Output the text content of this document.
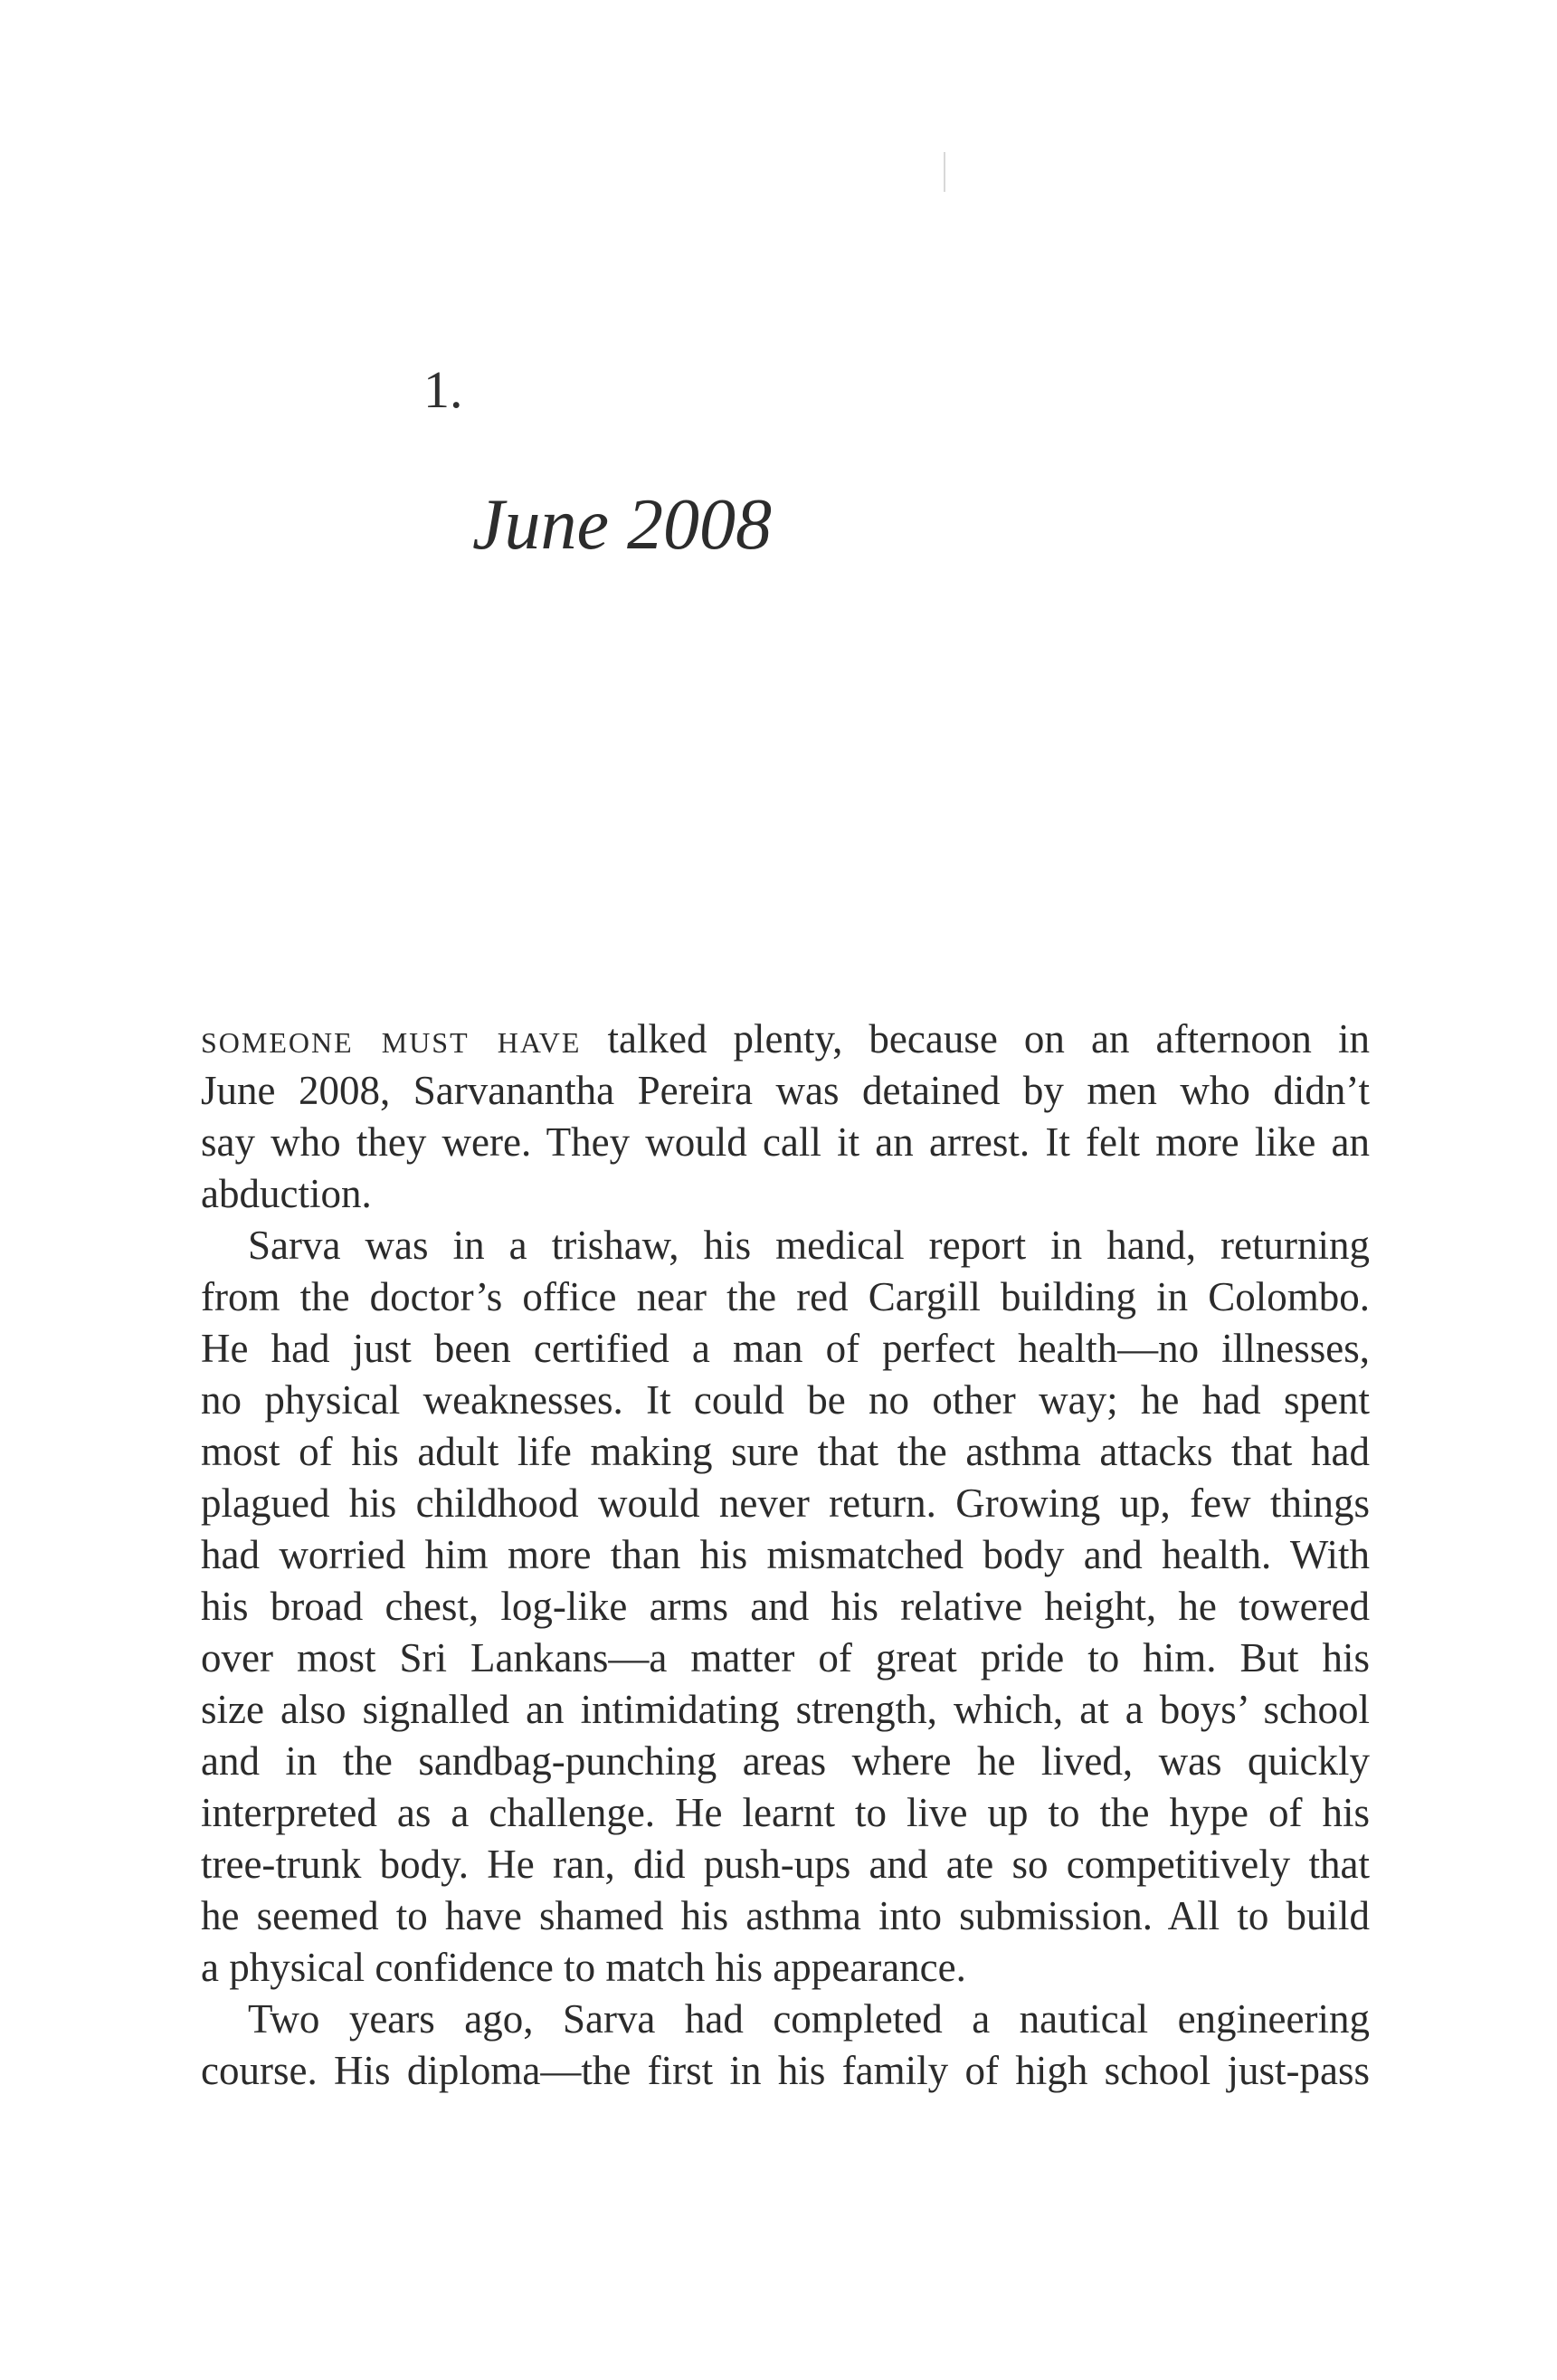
1.

June 2008
someone must have talked plenty, because on an afternoon in
June 2008, Sarvanantha Pereira was detained by men who didn’t
say who they were. They would call it an arrest. It felt more like an
abduction.
Sarva was in a trishaw, his medical report in hand, returning
from the doctor’s office near the red Cargill building in Colombo.
He had just been certified a man of perfect health—no illnesses,
no physical weaknesses. It could be no other way; he had spent
most of his adult life making sure that the asthma attacks that had
plagued his childhood would never return. Growing up, few things
had worried him more than his mismatched body and health. With
his broad chest, log-like arms and his relative height, he towered
over most Sri Lankans—a matter of great pride to him. But his
size also signalled an intimidating strength, which, at a boys’ school
and in the sandbag-punching areas where he lived, was quickly
interpreted as a challenge. He learnt to live up to the hype of his
tree-trunk body. He ran, did push-ups and ate so competitively that
he seemed to have shamed his asthma into submission. All to build
a physical confidence to match his appearance.
Two years ago, Sarva had completed a nautical engineering
course. His diploma—the first in his family of high school just-pass
